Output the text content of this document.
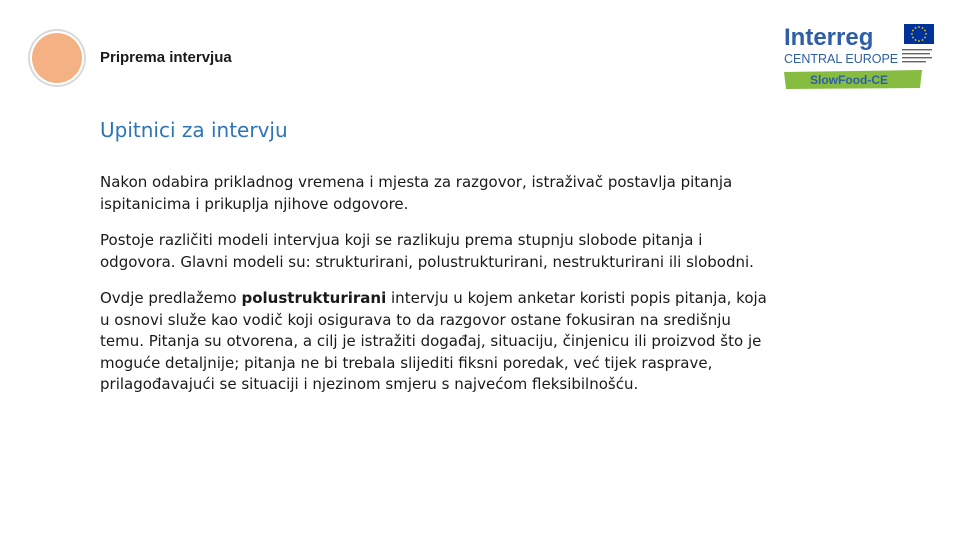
Priprema intervjua
Interreg
CENTRAL EUROPE
SlowFood-CE
Upitnici za intervju

Nakon odabira prikladnog vremena i mjesta za razgovor, istraživač postavlja pitanja ispitanicima i prikuplja njihove odgovore.

Postoje različiti modeli intervjua koji se razlikuju prema stupnju slobode pitanja i odgovora. Glavni modeli su: strukturirani, polustrukturirani, nestrukturirani ili slobodni.

Ovdje predlažemo polustrukturirani intervju u kojem anketar koristi popis pitanja, koja u osnovi služe kao vodič koji osigurava to da razgovor ostane fokusiran na središnju temu. Pitanja su otvorena, a cilj je istražiti događaj, situaciju, činjenicu ili proizvod što je moguće detaljnije; pitanja ne bi trebala slijediti fiksni poredak, već tijek rasprave, prilagođavajući se situaciji i njezinom smjeru s najvećom fleksibilnošću.
